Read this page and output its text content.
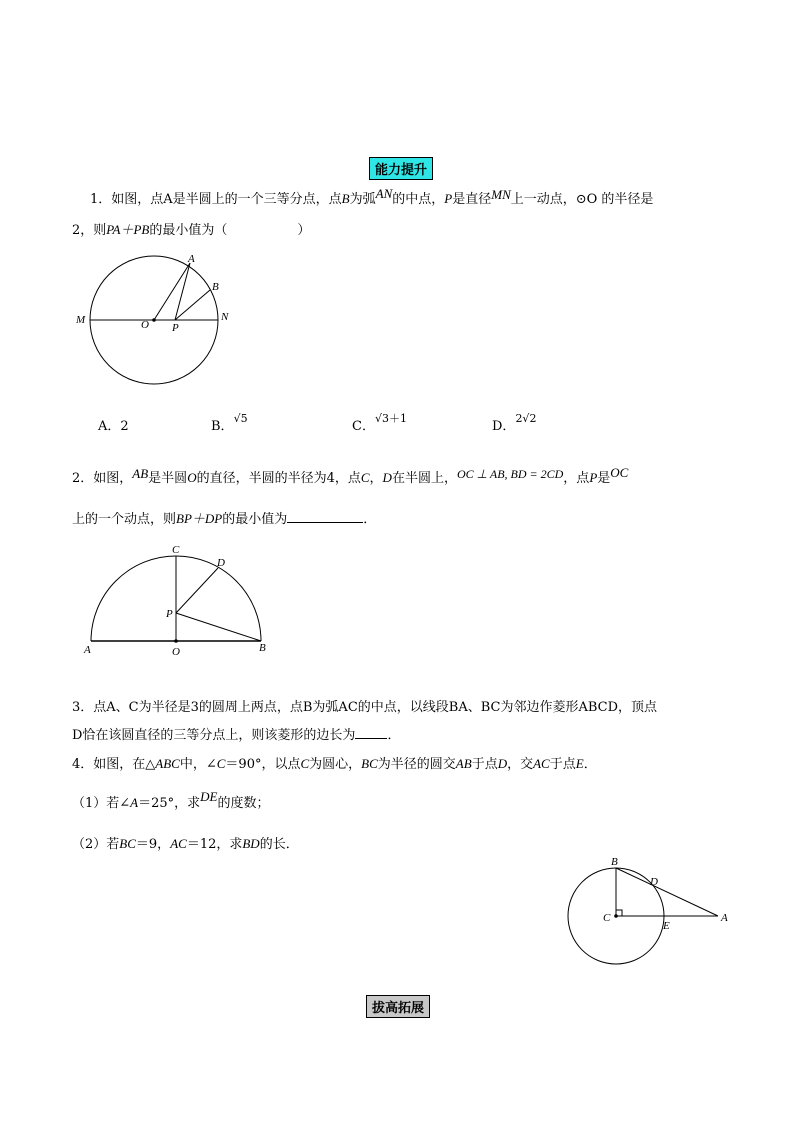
能力提升
1．如图，点A是半圆上的一个三等分点，点B为弧AN的中点，P是直径MN上一动点，⊙O 的半径是
2，则PA＋PB的最小值为（	）
M	O P
N
A
B
A．2	B．$^{√5}$
C．$^{√3+1}$
D．$^{2√2}$
2．如图，AB是半圆O的直径，半圆的半径为4，点C，D在半圆上，OC ⊥ AB, BD = 2CD，点P是OC
上的一个动点，则BP＋DP的最小值为	．
C
D
P
A	O	B
3．点A、C为半径是3的圆周上两点，点B为弧AC的中点，以线段BA、BC为邻边作菱形ABCD，顶点
D恰在该圆直径的三等分点上，则该菱形的边长为 ．
4．如图，在△ABC中，∠C＝90°，以点C为圆心，BC为半径的圆交AB于点D，交AC于点E．
（1）若∠A＝25°，求DE的度数；
（2）若BC＝9，AC＝12，求BD的长．
B
D
C
E
A
拔高拓展
